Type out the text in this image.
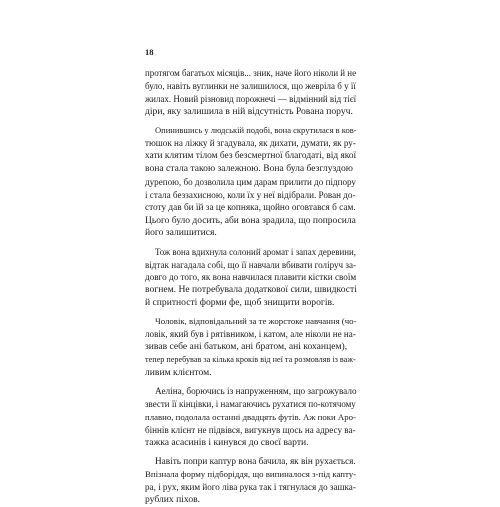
18
протягом багатьох місяців... зник, наче його ніколи й не
було, навіть вуглинки не залишилося, що жевріла б у її
жилах. Новий різновид порожнечі — відмінний від тієї
діри, яку залишила в ній відсутність Рована поруч.
Опинившись у людській подобі, вона скрутилася в ков-
тюшок на ліжку й згадувала, як дихати, думати, як ру-
хати клятим тілом без безсмертної благодаті, від якої
вона стала такою залежною. Вона була безглуздою
дурепою, бо дозволила цим дарам прилити до підпору
і стала беззахисною, коли їх у неї відібрали. Рован до-
стоту дав би їй за це копняка, щойно оговтався б сам.
Цього було досить, аби вона зрадила, що попросила
його залишитися.
Тож вона вдихнула солоний аромат і запах деревини,
відтак нагадала собі, що її навчали вбивати голіруч за-
довго до того, як вона навчилася плавити кістки своїм
вогнем. Не потребувала додаткової сили, швидкості
й спритності форми фе, щоб знищити ворогів.
Чоловік, відповідальний за те жорстоке навчання (чо-
ловік, який був і рятівником, і катом, але ніколи не на-
зивав себе ані батьком, ані братом, ані коханцем),
тепер перебував за кілька кроків від неї та розмовляв із важ-
ливим клієнтом.
Аеліна, борючись із напруженням, що загрожувало
звести її кінцівки, і намагаючись рухатися по-котячому
плавно, подолала останні двадцять футів. Аж поки Аро-
біннів клієнт не підвівся, вигукнув щось на адресу ва-
тажка асасинів і кинувся до своєї варти.
Навіть попри каптур вона бачила, як він рухається.
Впізнала форму підборіддя, що випиналося з-під капту-
ра, і рух, яким його ліва рука так і тягнулася до зашка-
рублих піхов.
